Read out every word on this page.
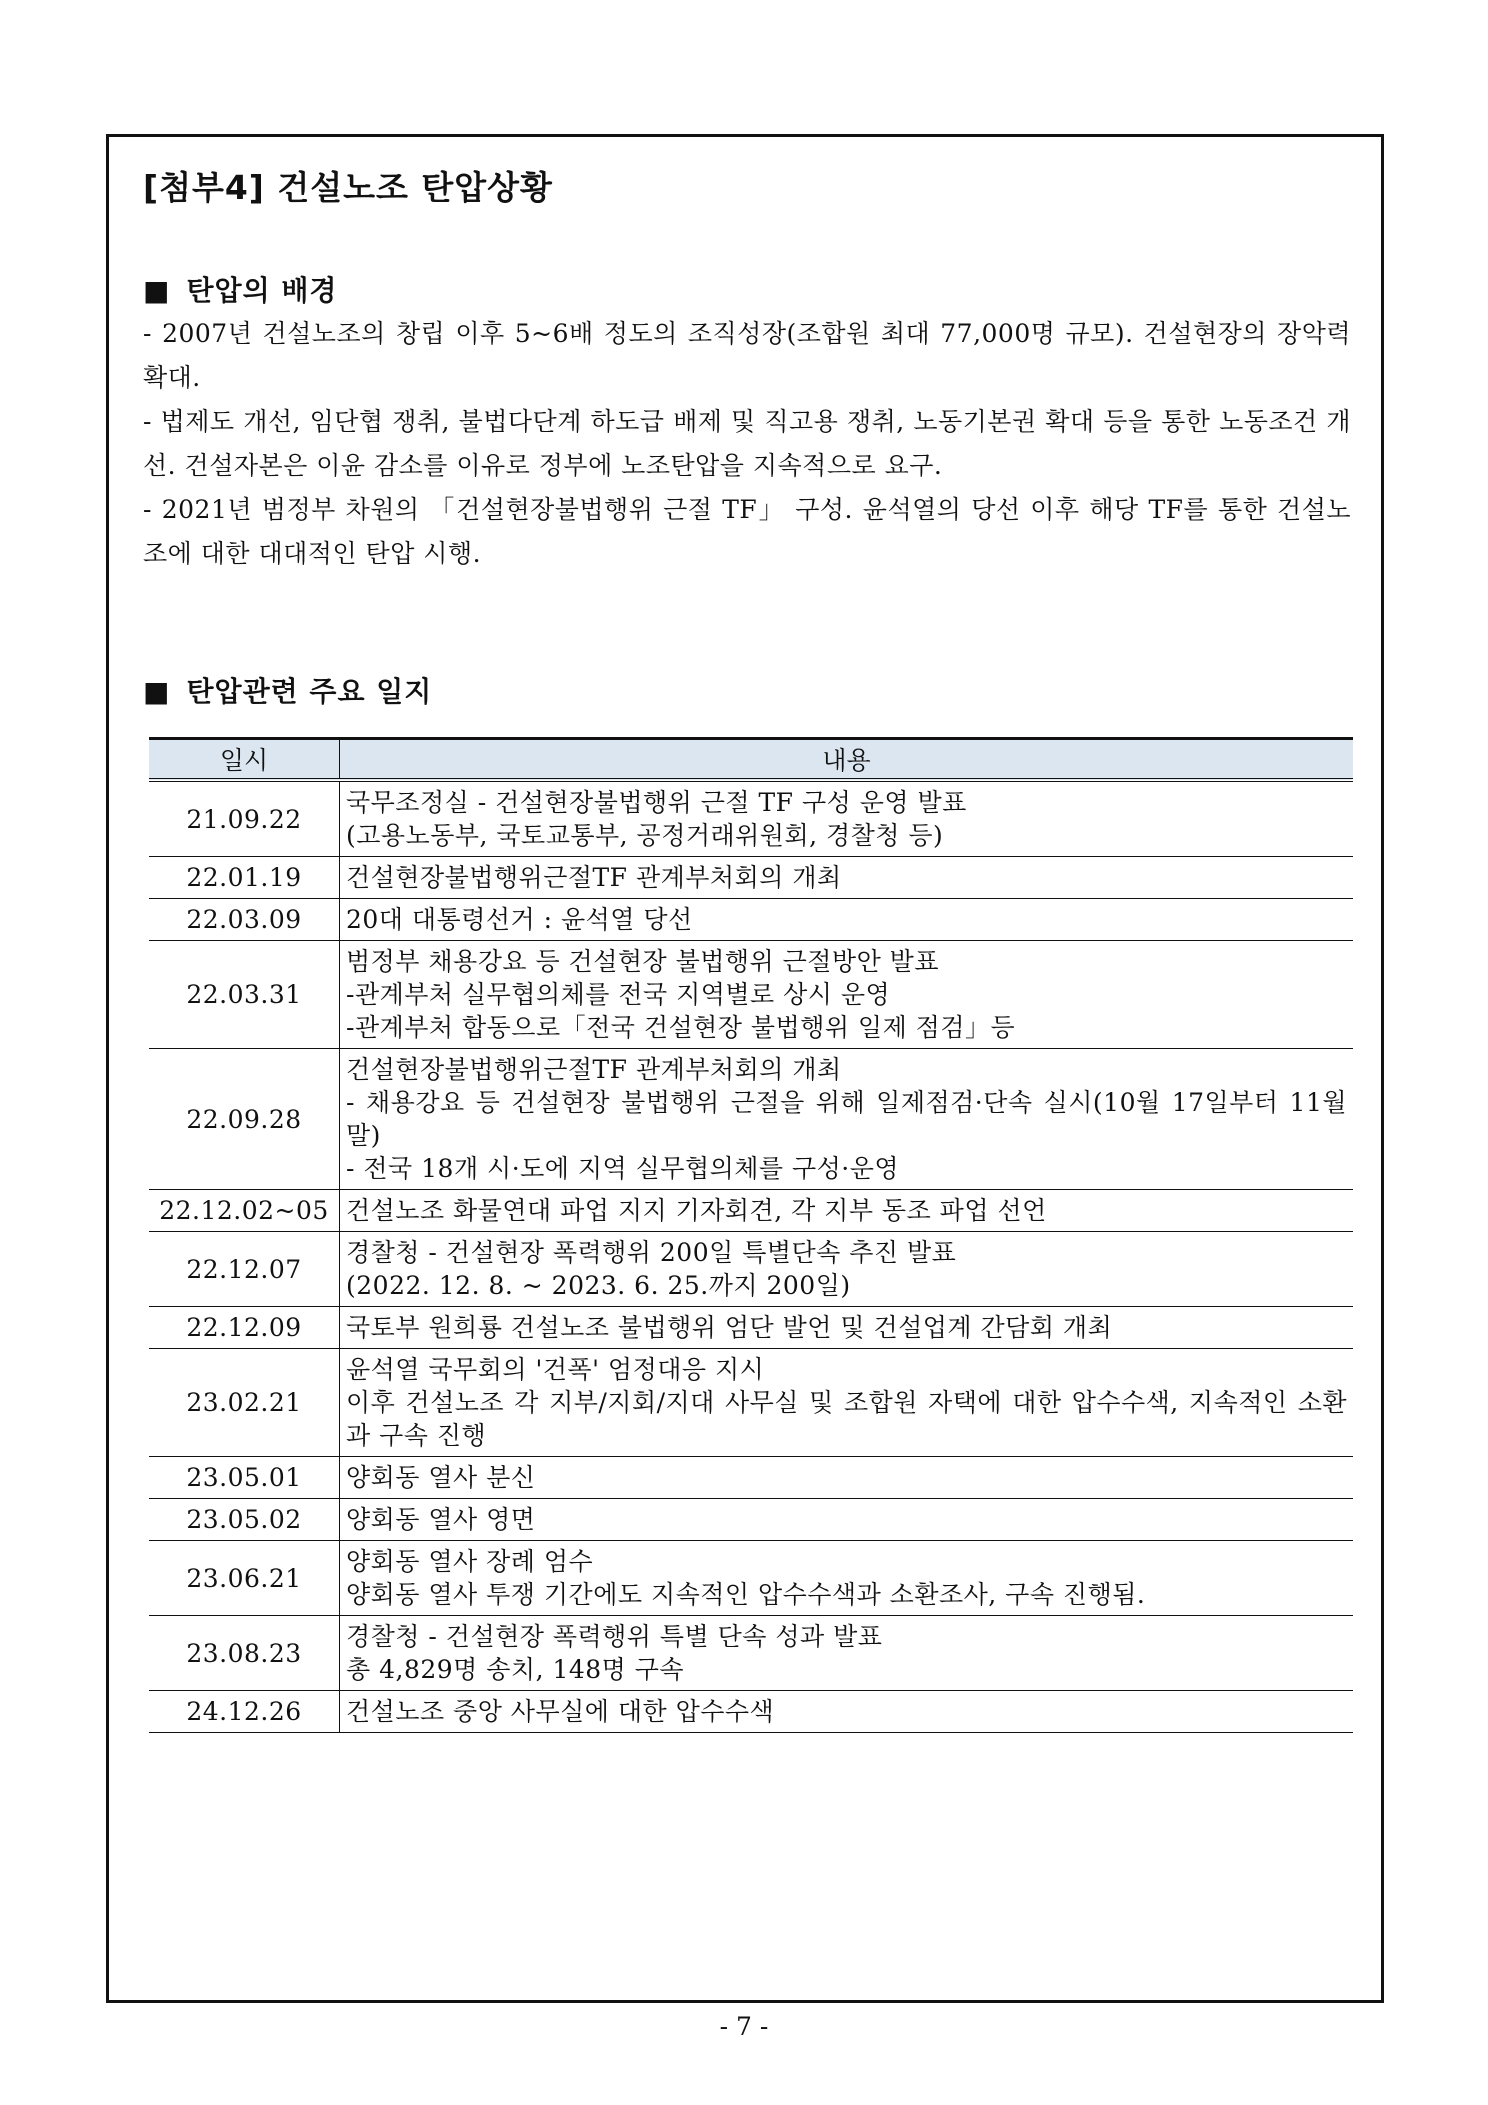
[첨부4] 건설노조 탄압상황
■ 탄압의 배경

- 2007년 건설노조의 창립 이후 5~6배 정도의 조직성장(조합원 최대 77,000명 규모). 건설현장의 장악력 확대.

- 법제도 개선, 임단협 쟁취, 불법다단계 하도급 배제 및 직고용 쟁취, 노동기본권 확대 등을 통한 노동조건 개선. 건설자본은 이윤 감소를 이유로 정부에 노조탄압을 지속적으로 요구.

- 2021년 범정부 차원의 「건설현장불법행위 근절 TF」 구성. 윤석열의 당선 이후 해당 TF를 통한 건설노조에 대한 대대적인 탄압 시행.

■ 탄압관련 주요 일지
일시	내용
21.09.22	국무조정실 - 건설현장불법행위 근절 TF 구성 운영 발표
(고용노동부, 국토교통부, 공정거래위원회, 경찰청 등)

22.01.19	건설현장불법행위근절TF 관계부처회의 개최

22.03.09	20대 대통령선거 : 윤석열 당선

22.03.31	범정부 채용강요 등 건설현장 불법행위 근절방안 발표
-관계부처 실무협의체를 전국 지역별로 상시 운영
-관계부처 합동으로「전국 건설현장 불법행위 일제 점검」등

22.09.28	건설현장불법행위근절TF 관계부처회의 개최
- 채용강요 등 건설현장 불법행위 근절을 위해 일제점검·단속 실시(10월 17일부터 11월 말)
- 전국 18개 시·도에 지역 실무협의체를 구성·운영

22.12.02~05	건설노조 화물연대 파업 지지 기자회견, 각 지부 동조 파업 선언

22.12.07	경찰청 - 건설현장 폭력행위 200일 특별단속 추진 발표
(2022. 12. 8. ~ 2023. 6. 25.까지 200일)

22.12.09	국토부 원희룡 건설노조 불법행위 엄단 발언 및 건설업계 간담회 개최

23.02.21	윤석열 국무회의 '건폭' 엄정대응 지시
이후 건설노조 각 지부/지회/지대 사무실 및 조합원 자택에 대한 압수수색, 지속적인 소환과 구속 진행

23.05.01	양회동 열사 분신

23.05.02	양회동 열사 영면

23.06.21	양회동 열사 장례 엄수
양회동 열사 투쟁 기간에도 지속적인 압수수색과 소환조사, 구속 진행됨.

23.08.23	경찰청 - 건설현장 폭력행위 특별 단속 성과 발표
총 4,829명 송치, 148명 구속

24.12.26	건설노조 중앙 사무실에 대한 압수수색

- 7 -
